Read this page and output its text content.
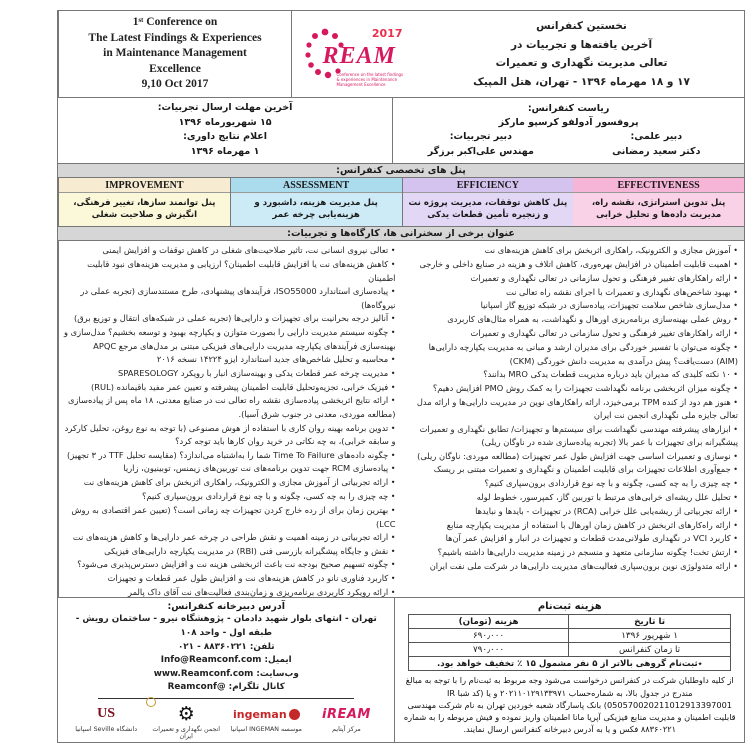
1ˢᵗ Conference on
The Latest Findings & Experiences
in Maintenance Management
Excellence
9,10 Oct 2017
REAM
2017
Conference on the latest findings & experiences in Maintenance Management Excellence
نخستین کنفرانس
آخرین یافته‌ها و تجربیات در
تعالی مدیریت نگهداری و تعمیرات
۱۷ و ۱۸ مهرماه ۱۳۹۶ - تهران، هتل المپیک
ریاست کنفرانس:
پروفسور آدولفو کرسپو مارکز
دبیر علمی:
دبیر تجربیات:
دکتر سعید رمضانی
مهندس علی‌اکبر برزگر
آخرین مهلت ارسال تجربیات:
۱۵ شهریورماه ۱۳۹۶
اعلام نتایج داوری:
۱ مهرماه ۱۳۹۶
پنل های تخصصی کنفرانس:
IMPROVEMENT
پنل توانمند سازها، تغییر فرهنگی، انگیزش و صلاحیت شغلی
ASSESSMENT
پنل مدیریت هزینه، داشبورد و هزینه‌یابی چرخه عمر
EFFICIENCY
پنل کاهش توقفات، مدیریت پروژه نت و زنجیره تأمین قطعات یدکی
EFFECTIVENESS
پنل تدوین استراتژی، نقشه راه، مدیریت داده‌ها و تحلیل خرابی
عنوان برخی از سخنرانی ها، کارگاه‌ها و تجربیات:
• تعالی نیروی انسانی نت، تاثیر صلاحیت‌های شغلی در کاهش توقفات و افزایش ایمنی
• کاهش هزینه‌های نت یا افزایش قابلیت اطمینان؟ ارزیابی و مدیریت هزینه‌های نبود قابلیت اطمینان
• پیاده‌سازی استاندارد ISO55000، فرآیندهای پیشنهادی، طرح مستندسازی (تجربه عملی در نیروگاه‌ها)
• آنالیز درجه بحرانیت برای تجهیزات و دارایی‌ها (تجربه عملی در شبکه‌های انتقال و توزیع برق)
• چگونه سیستم مدیریت دارایی را بصورت متوازن و یکپارچه بهبود و توسعه بخشیم؟ مدل‌سازی و بهینه‌سازی فرآیندهای یکپارچه مدیریت دارایی‌های فیزیکی مبتنی بر مدل‌های مرجع APQC
• محاسبه و تحلیل شاخص‌های جدید استاندارد ایزو ۱۴۲۲۴ نسخه ۲۰۱۶
• مدیریت چرخه عمر قطعات یدکی و بهینه‌سازی انبار با رویکرد SPARESOLOGY
• فیزیک خرابی، تجزیه‌وتحلیل قابلیت اطمینان پیشرفته و تعیین عمر مفید باقیمانده (RUL)
• ارائه نتایج اثربخشی پیاده‌سازی نقشه راه تعالی نت در صنایع معدنی، ۱۸ ماه پس از پیاده‌سازی (مطالعه موردی، معدنی در جنوب شرق آسیا).
• تدوین برنامه بهینه روان کاری با استفاده از هوش مصنوعی (با توجه به نوع روغن، تحلیل کارکرد و سابقه خرابی)، به چه نکاتی در خرید روان کارها باید توجه کرد؟
• چگونه داده‌های Time To Failure شما را به‌اشتباه می‌اندازد؟ (مقایسه تحلیل TTF در ۳ تجهیز)
• پیاده‌سازی RCM جهت تدوین برنامه‌های نت توربین‌های زیمنس، توبینیون، زاریا
• ارائه تجربیاتی از آموزش مجازی و الکترونیک، راهکاری اثربخش برای کاهش هزینه‌های نت
• چه چیزی را به چه کسی، چگونه و با چه نوع قراردادی برون‌سپاری کنیم؟
• بهترین زمان برای از رده خارج کردن تجهیزات چه زمانی است؟ (تعیین عمر اقتصادی به روش LCC)
• ارائه تجربیاتی در زمینه اهمیت و نقش طراحی در چرخه عمر دارایی‌ها و کاهش هزینه‌های نت
• نقش و جایگاه پیشگیرانه بازرسی فنی (RBI) در مدیریت یکپارچه دارایی‌های فیزیکی
• چگونه تسهیم صحیح بودجه نت باعث اثربخشی هزینه نت و افزایش دسترس‌پذیری می‌شود؟
• کاربرد فناوری نانو در کاهش هزینه‌های نت و افزایش طول عمر قطعات و تجهیزات
• ارائه رویکرد کاربردی برنامه‌ریزی و زمان‌بندی فعالیت‌های نت آقای داک پالمر
• آموزش مجازی و الکترونیک، راهکاری اثربخش برای کاهش هزینه‌های نت
• اهمیت قابلیت اطمینان در افزایش بهره‌وری، کاهش اتلاف و هزینه در صنایع داخلی و خارجی
• ارائه راهکارهای تغییر فرهنگی و تحول سازمانی در تعالی نگهداری و تعمیرات
• بهبود شاخص‌های نگهداری و تعمیرات با اجرای نقشه راه تعالی نت
• مدل‌سازی شاخص سلامت تجهیزات، پیاده‌سازی در شبکه توزیع گاز اسپانیا
• روش عملی بهینه‌سازی برنامه‌ریزی اورهال و نگهداشت، به همراه مثال‌های کاربردی
• ارائه راهکارهای تغییر فرهنگی و تحول سازمانی در تعالی نگهداری و تعمیرات
• چگونه می‌توان با تفسیر خوردگی برای مدیران ارشد و مبانی به مدیریت یکپارچه دارایی‌ها (AIM) دست‌یافت؟ پیش درآمدی به مدیریت دانش خوردگی (CKM)
• ۱۰ نکته کلیدی که مدیران باید درباره مدیریت قطعات یدکی MRO بدانند؟
• چگونه میزان اثربخشی برنامه نگهداشت تجهیزات را به کمک روش PMO افزایش دهیم؟
• هنوز هم دود از کنده TPM برمی‌خیزد، ارائه راهکارهای نوین در مدیریت دارایی‌ها و ارائه مدل تعالی جایزه ملی نگهداری انجمن نت ایران
• ابزارهای پیشرفته مهندسی نگهداشت برای سیستم‌ها و تجهیزات/ تطابق نگهداری و تعمیرات پیشگیرانه برای تجهیزات با عمر بالا (تجربه پیاده‌سازی شده در ناوگان ریلی)
• نوسازی و تعمیرات اساسی جهت افزایش طول عمر تجهیزات (مطالعه موردی: ناوگان ریلی)
• جمع‌آوری اطلاعات تجهیزات برای قابلیت اطمینان و نگهداری و تعمیرات مبتنی بر ریسک
• چه چیزی را به چه کسی، چگونه و با چه نوع قراردادی برون‌سپاری کنیم؟
• تحلیل علل ریشه‌ای خرابی‌های مرتبط با توربین گاز، کمپرسور، خطوط لوله
• ارائه تجربیاتی از ریشه‌یابی علل خرابی (RCA) در تجهیزات - بایدها و نبایدها
• ارائه راه‌کارهای اثربخش در کاهش زمان اورهال با استفاده از مدیریت یکپارچه منابع
• کاربرد VCI در نگهداری طولانی‌مدت قطعات و تجهیزات در انبار و افزایش عمر آن‌ها
• ارتش تخت! چگونه سازمانی متعهد و منسجم در زمینه مدیریت دارایی‌ها داشته باشیم؟
• ارائه متدولوژی نوین برون‌سپاری فعالیت‌های مدیریت دارایی‌ها در شرکت ملی نفت ایران
هزینه ثبت‌نام
تا تاریخ	هزینه (تومان)
۱ شهریور ۱۳۹۶	۶۹۰٫۰۰۰
تا زمان کنفرانس	۷۹۰٫۰۰۰
٭ثبت‌نام گروهی بالاتر از ۵ نفر مشمول ۱۵ ٪ تخفیف خواهد بود.	
از کلیه داوطلبان شرکت در کنفرانس درخواست می‌شود وجه مربوط به ثبت‌نام را با توجه به مبالغ مندرج در جدول بالا، به شماره‌حساب ۲۰۲۱۱۰۱۲۹۱۳۳۹۷۱ و یا (کد شبا IR 050570020211012913397001) بانک پاسارگاد شعبه خوردین تهران به نام شرکت مهندسی قابلیت اطمینان و مدیریت منابع فیزیکی آپریا مانا اطمینان واریز نموده و فیش مربوطه را به شماره ۸۸۳۶۰۲۲۱ فکس و یا به آدرس دبیرخانه کنفرانس ارسال نمایند.
آدرس دبیرخانه کنفرانس:
تهران - انتهای بلوار شهید دادمان - پژوهشگاه نیرو - ساختمان رویش -
طبقه اول - واحد ۱۰۸
تلفن: ۸۸۳۶۰۲۲۱ - ۰۲۱
ایمیل: Info@Reamconf.com
وب‌سایت: www.Reamconf.com
کانال تلگرام: @Reamconf
iREAM
مرکز آپتایم
ingeman
موسسه INGEMAN اسپانیا
⚙
انجمن نگهداری و تعمیرات ایران
US
دانشگاه Seville اسپانیا
